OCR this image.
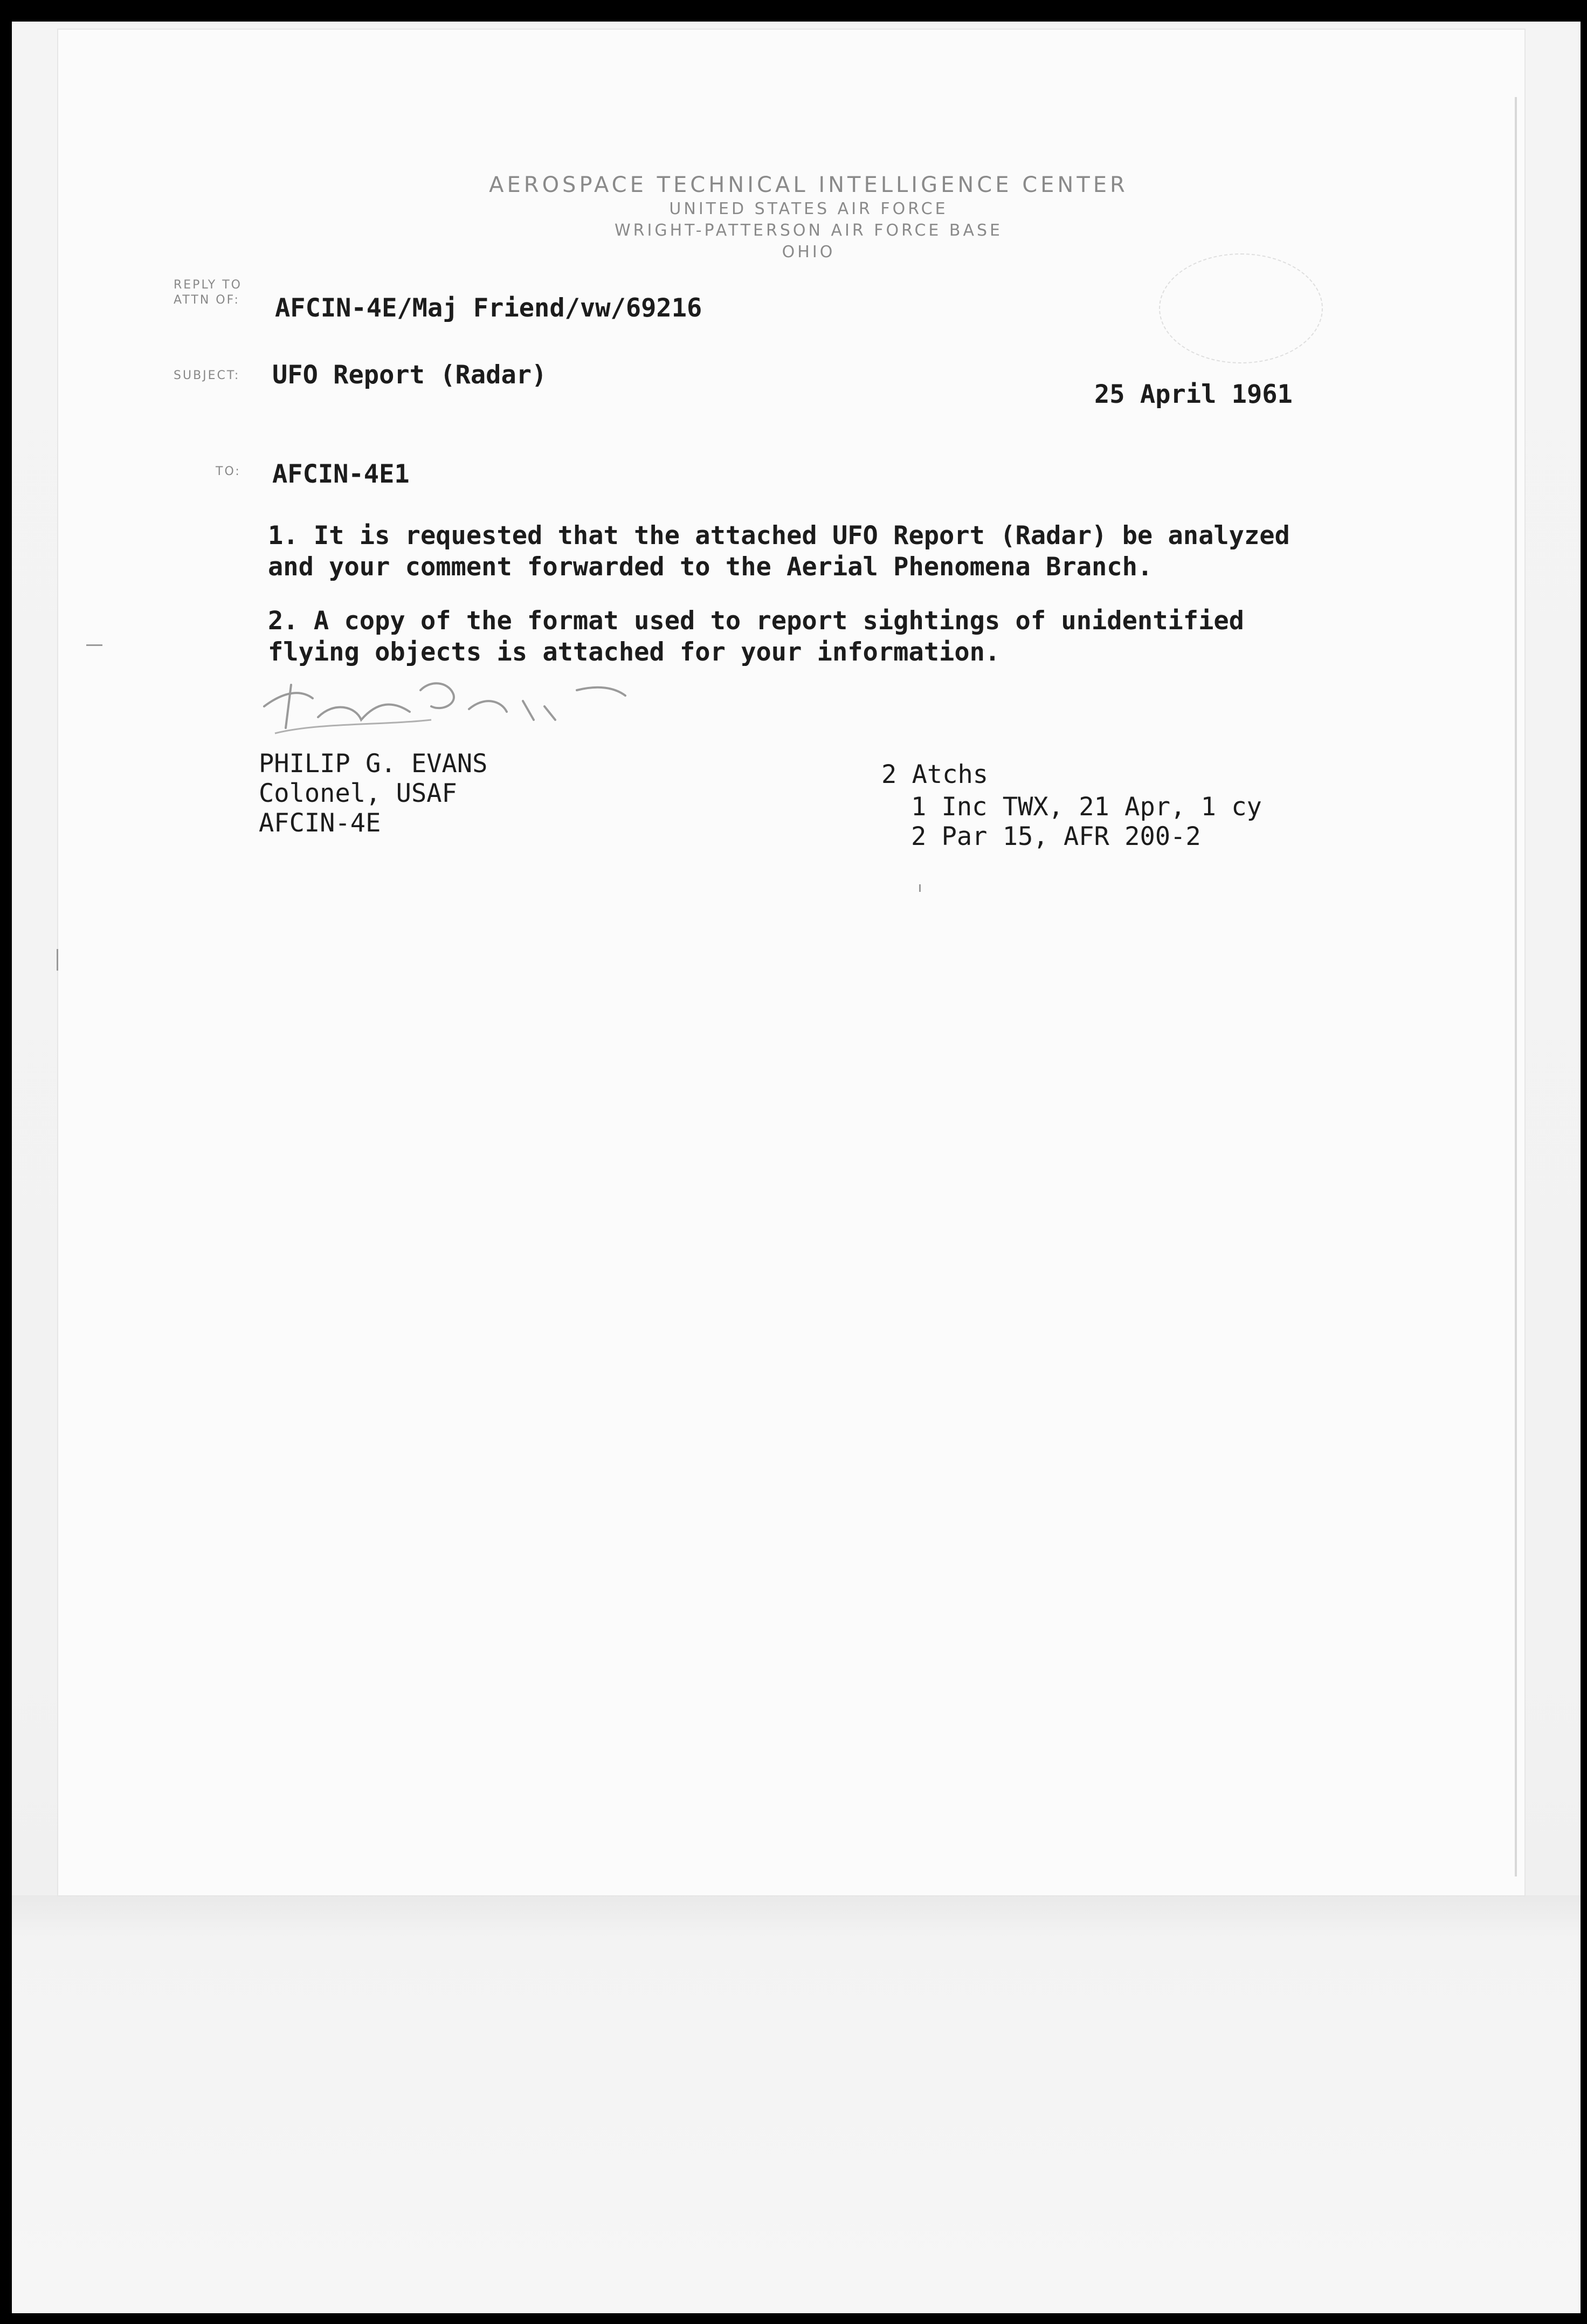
AEROSPACE TECHNICAL INTELLIGENCE CENTER
UNITED STATES AIR FORCE
WRIGHT-PATTERSON AIR FORCE BASE
OHIO
REPLY TO
ATTN OF: AFCIN-4E/Maj Friend/vw/69216
SUBJECT: UFO Report (Radar)
25 April 1961
TO: AFCIN-4E1
1. It is requested that the attached UFO Report (Radar) be analyzed
and your comment forwarded to the Aerial Phenomena Branch.
2. A copy of the format used to report sightings of unidentified
flying objects is attached for your information.
PHILIP G. EVANS
Colonel, USAF
AFCIN-4E
2 Atchs
1 Inc TWX, 21 Apr, 1 cy
2 Par 15, AFR 200-2
